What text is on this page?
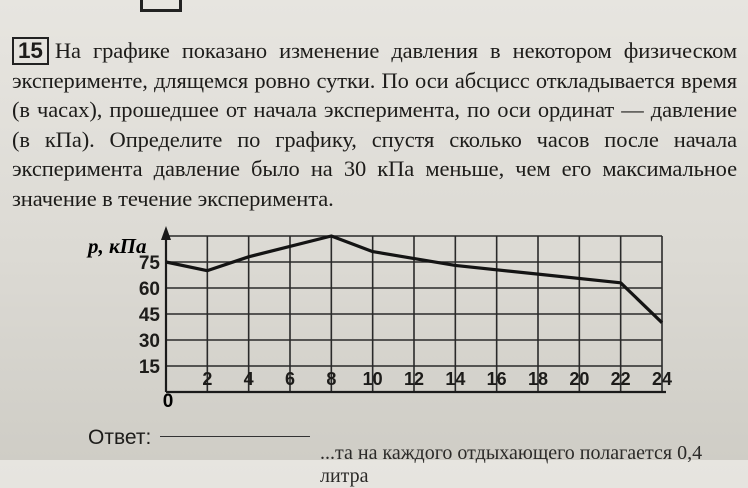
15 На графике показано изменение давления в некотором физическом эксперименте, длящемся ровно сутки. По оси абсцисс откладывается время (в часах), прошедшее от начала эксперимента, по оси ординат — давление (в кПа). Определите по графику, спустя сколько часов после начала эксперимента давление было на 30 кПа меньше, чем его максимальное значение в течение эксперимента.
2 4 6 8 10 12 14 16 18 20 22 24
15
30
45
60
75
p, кПа
0
Ответ:
...та на каждого отдыхающего полагается 0,4 литра
